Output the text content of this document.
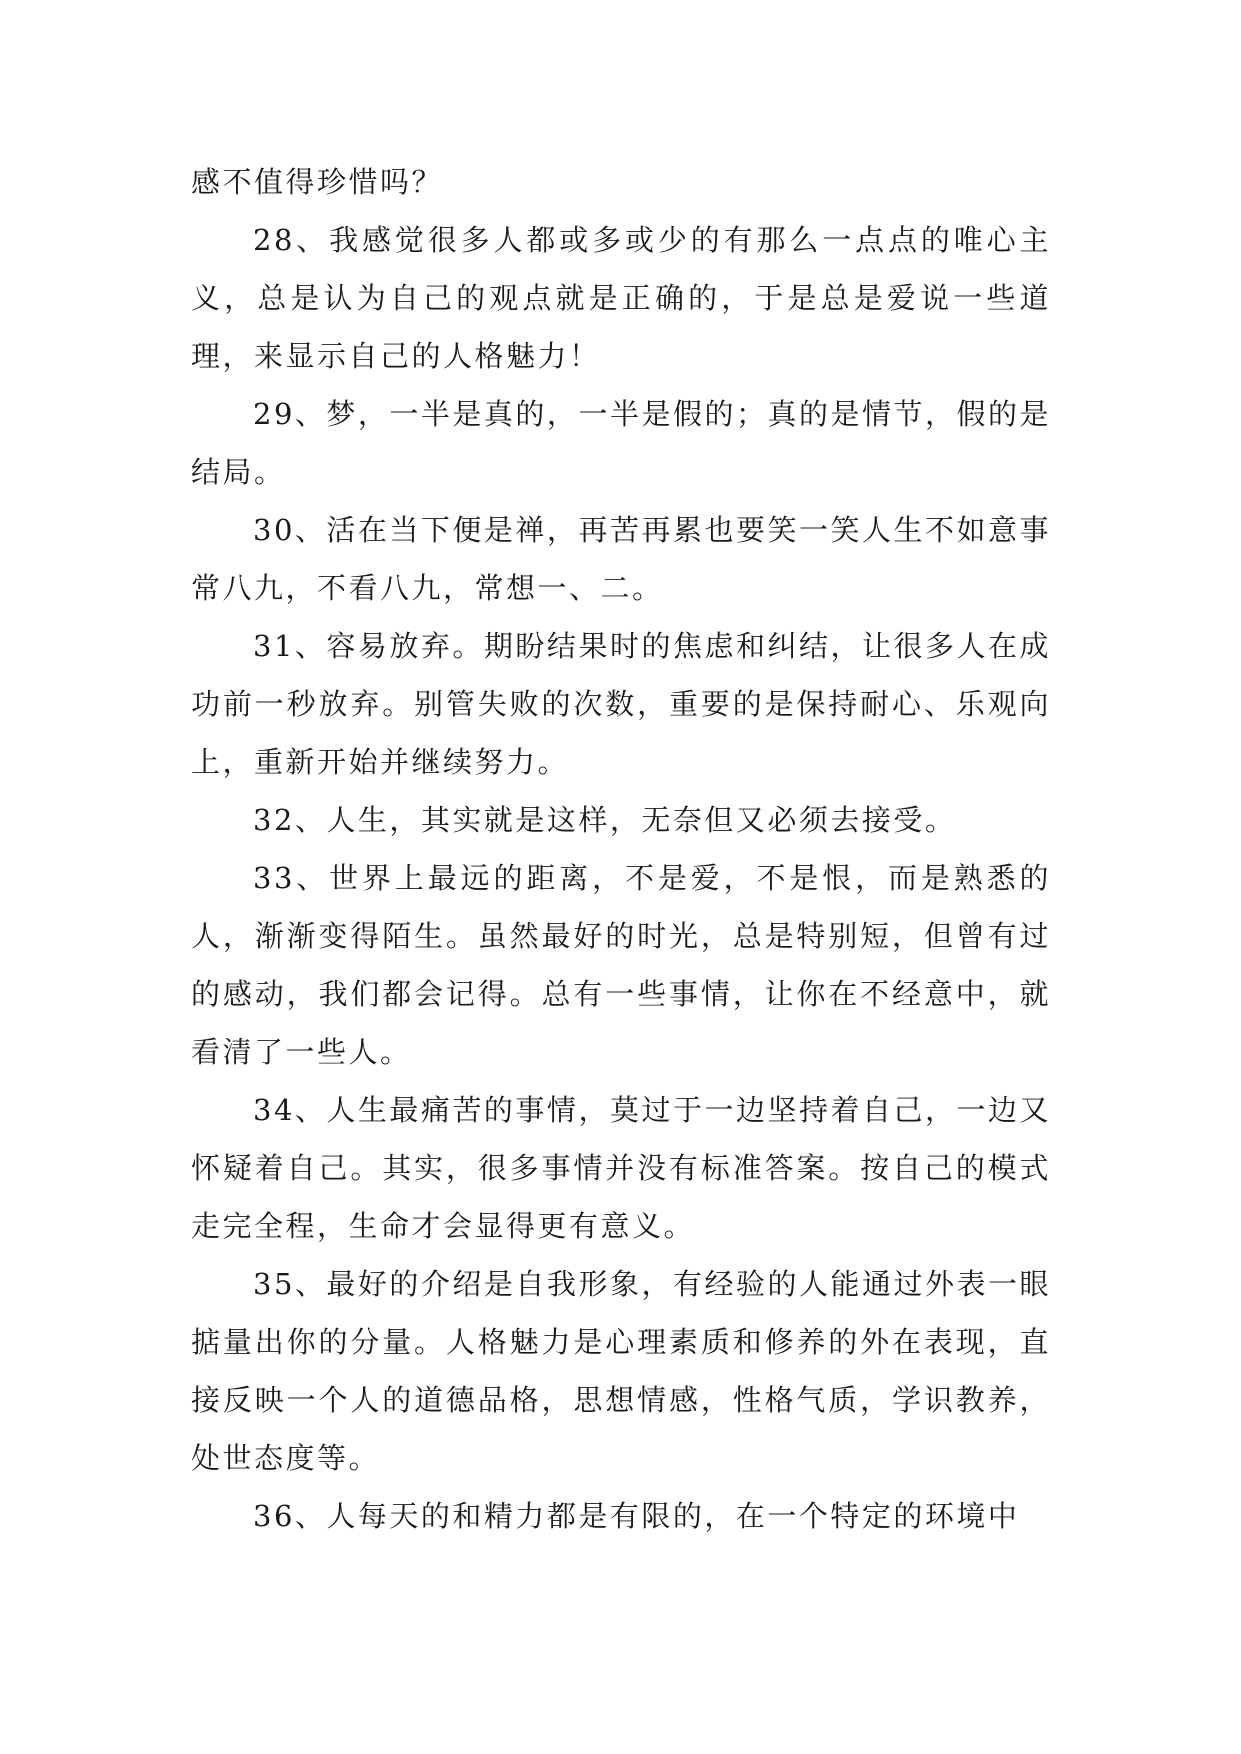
感不值得珍惜吗？

28、我感觉很多人都或多或少的有那么一点点的唯心主义，总是认为自己的观点就是正确的，于是总是爱说一些道理，来显示自己的人格魅力！

29、梦，一半是真的，一半是假的；真的是情节，假的是结局。

30、活在当下便是禅，再苦再累也要笑一笑人生不如意事常八九，不看八九，常想一、二。

31、容易放弃。期盼结果时的焦虑和纠结，让很多人在成功前一秒放弃。别管失败的次数，重要的是保持耐心、乐观向上，重新开始并继续努力。

32、人生，其实就是这样，无奈但又必须去接受。

33、世界上最远的距离，不是爱，不是恨，而是熟悉的人，渐渐变得陌生。虽然最好的时光，总是特别短，但曾有过的感动，我们都会记得。总有一些事情，让你在不经意中，就看清了一些人。

34、人生最痛苦的事情，莫过于一边坚持着自己，一边又怀疑着自己。其实，很多事情并没有标准答案。按自己的模式走完全程，生命才会显得更有意义。

35、最好的介绍是自我形象，有经验的人能通过外表一眼掂量出你的分量。人格魅力是心理素质和修养的外在表现，直接反映一个人的道德品格，思想情感，性格气质，学识教养，处世态度等。

36、人每天的和精力都是有限的，在一个特定的环境中
